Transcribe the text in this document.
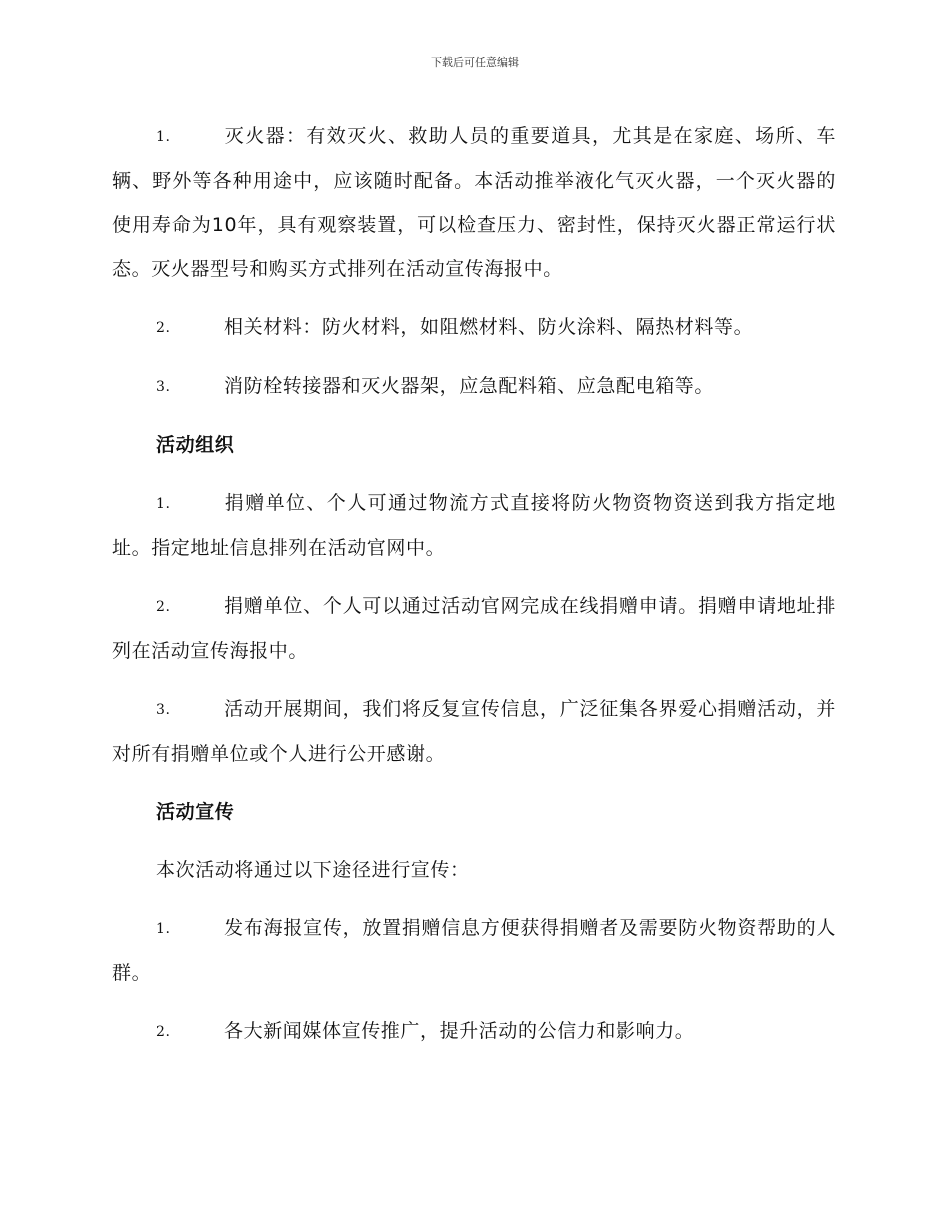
下载后可任意编辑

1.	灭火器：有效灭火、救助人员的重要道具，尤其是在家庭、场所、车辆、野外等各种用途中，应该随时配备。本活动推举液化气灭火器，一个灭火器的使用寿命为10年，具有观察装置，可以检查压力、密封性，保持灭火器正常运行状态。灭火器型号和购买方式排列在活动宣传海报中。

2.	相关材料：防火材料，如阻燃材料、防火涂料、隔热材料等。

3.	消防栓转接器和灭火器架，应急配料箱、应急配电箱等。

活动组织

1.	捐赠单位、个人可通过物流方式直接将防火物资物资送到我方指定地址。指定地址信息排列在活动官网中。

2.	捐赠单位、个人可以通过活动官网完成在线捐赠申请。捐赠申请地址排列在活动宣传海报中。

3.	活动开展期间，我们将反复宣传信息，广泛征集各界爱心捐赠活动，并对所有捐赠单位或个人进行公开感谢。

活动宣传
本次活动将通过以下途径进行宣传：

1.	发布海报宣传，放置捐赠信息方便获得捐赠者及需要防火物资帮助的人群。

2.	各大新闻媒体宣传推广，提升活动的公信力和影响力。
